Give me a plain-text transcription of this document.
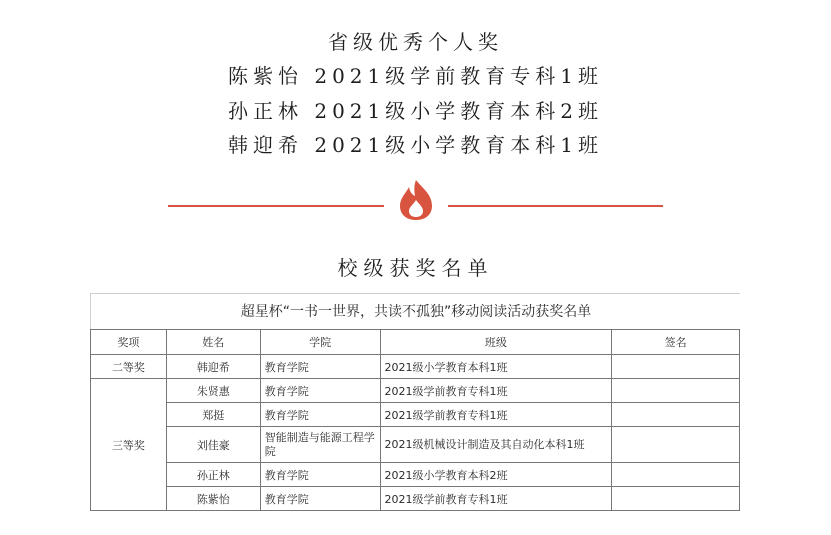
省级优秀个人奖
陈紫怡 2021级学前教育专科1班
孙正林 2021级小学教育本科2班
韩迎希 2021级小学教育本科1班
校级获奖名单
超星杯“一书一世界，共读不孤独”移动阅读活动获奖名单
奖项	姓名	学院	班级	签名
二等奖	韩迎希	教育学院	2021级小学教育本科1班	
三等奖	朱贤惠	教育学院	2021级学前教育专科1班	
	郑挺	教育学院	2021级学前教育专科1班	
	刘佳豪	智能制造与能源工程学院	2021级机械设计制造及其自动化本科1班	
	孙正林	教育学院	2021级小学教育本科2班	
	陈紫怡	教育学院	2021级学前教育专科1班	
